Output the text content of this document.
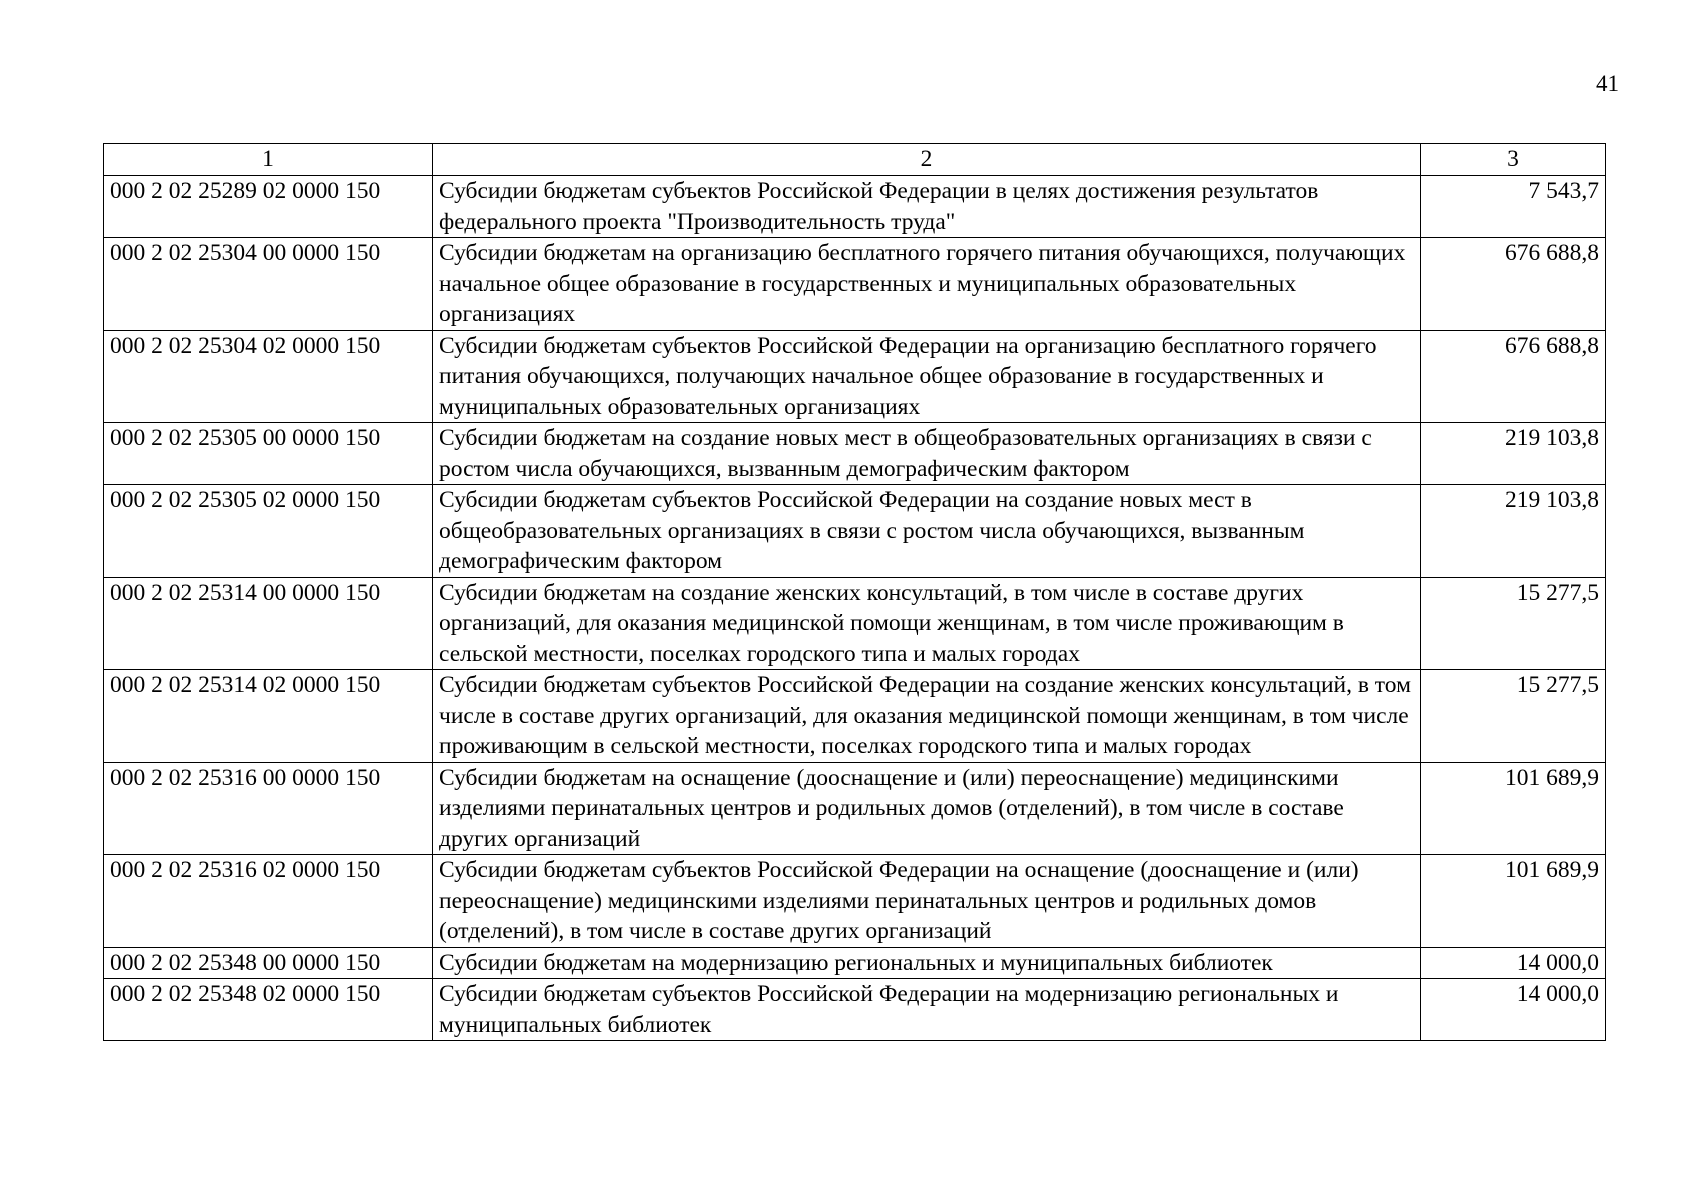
41
1	2	3
000 2 02 25289 02 0000 150	Субсидии бюджетам субъектов Российской Федерации в целях достижения результатов федерального проекта "Производительность труда"	7 543,7
000 2 02 25304 00 0000 150	Субсидии бюджетам на организацию бесплатного горячего питания обучающихся, получающих начальное общее образование в государственных и муниципальных образовательных организациях	676 688,8
000 2 02 25304 02 0000 150	Субсидии бюджетам субъектов Российской Федерации на организацию бесплатного горячего питания обучающихся, получающих начальное общее образование в государственных и муниципальных образовательных организациях	676 688,8
000 2 02 25305 00 0000 150	Субсидии бюджетам на создание новых мест в общеобразовательных организациях в связи с ростом числа обучающихся, вызванным демографическим фактором	219 103,8
000 2 02 25305 02 0000 150	Субсидии бюджетам субъектов Российской Федерации на создание новых мест в общеобразовательных организациях в связи с ростом числа обучающихся, вызванным демографическим фактором	219 103,8
000 2 02 25314 00 0000 150	Субсидии бюджетам на создание женских консультаций, в том числе в составе других организаций, для оказания медицинской помощи женщинам, в том числе проживающим в сельской местности, поселках городского типа и малых городах	15 277,5
000 2 02 25314 02 0000 150	Субсидии бюджетам субъектов Российской Федерации на создание женских консультаций, в том числе в составе других организаций, для оказания медицинской помощи женщинам, в том числе проживающим в сельской местности, поселках городского типа и малых городах	15 277,5
000 2 02 25316 00 0000 150	Субсидии бюджетам на оснащение (дооснащение и (или) переоснащение) медицинскими изделиями перинатальных центров и родильных домов (отделений), в том числе в составе других организаций	101 689,9
000 2 02 25316 02 0000 150	Субсидии бюджетам субъектов Российской Федерации на оснащение (дооснащение и (или) переоснащение) медицинскими изделиями перинатальных центров и родильных домов (отделений), в том числе в составе других организаций	101 689,9
000 2 02 25348 00 0000 150	Субсидии бюджетам на модернизацию региональных и муниципальных библиотек	14 000,0
000 2 02 25348 02 0000 150	Субсидии бюджетам субъектов Российской Федерации на модернизацию региональных и муниципальных библиотек	14 000,0
